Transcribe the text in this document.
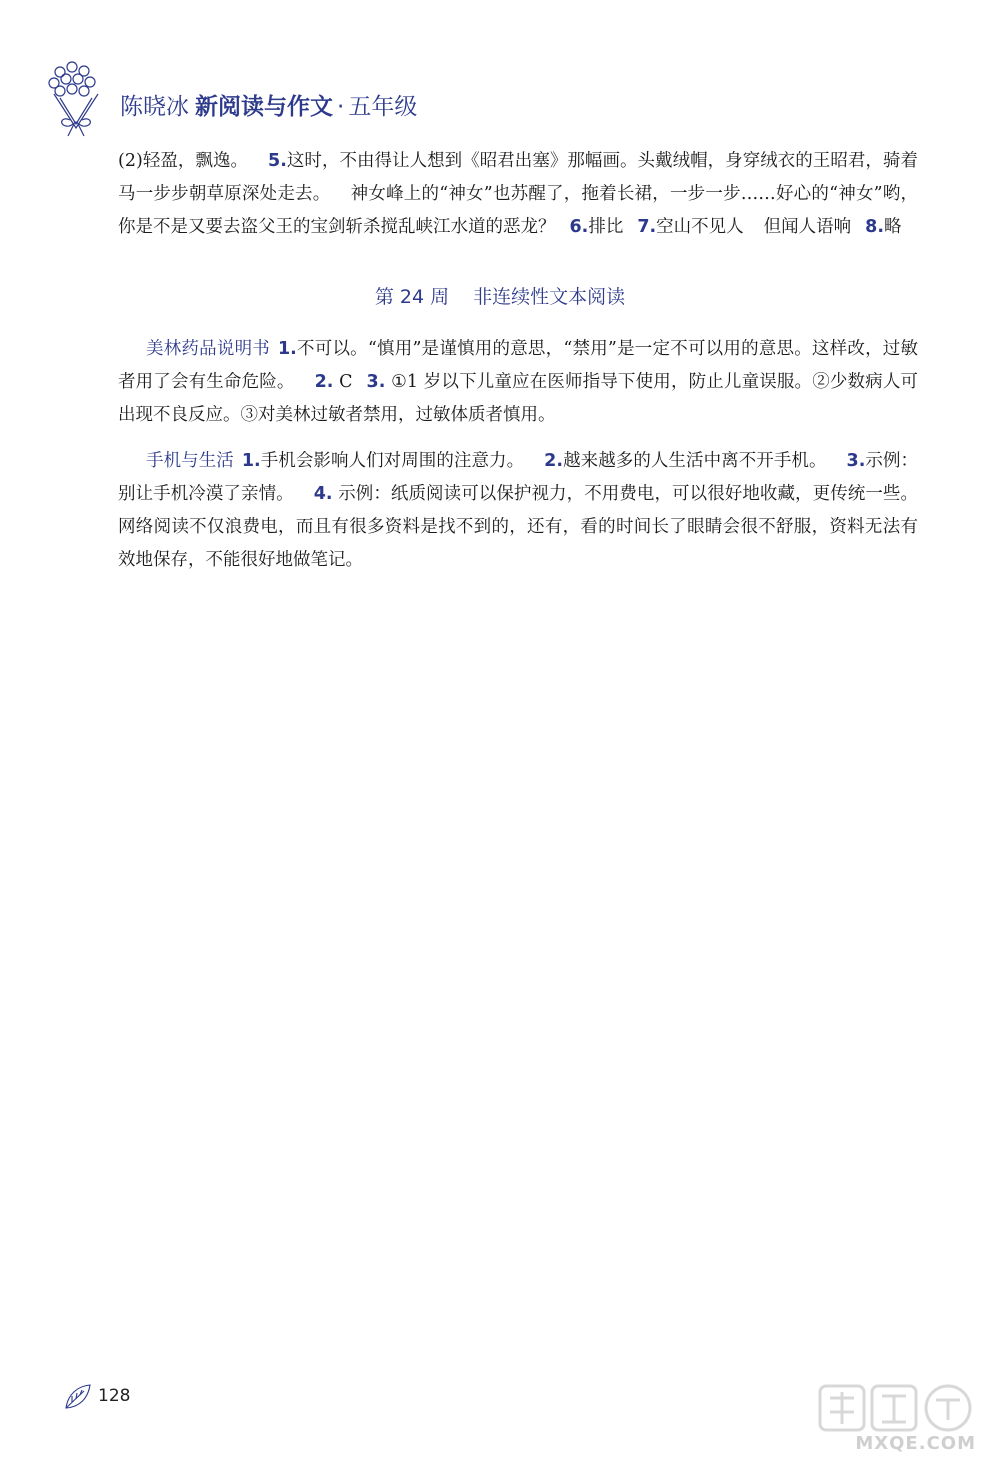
陈晓冰 新阅读与作文 · 五年级

(2)轻盈，飘逸。 5.这时，不由得让人想到《昭君出塞》那幅画。头戴绒帽，身穿绒衣的王昭君，骑着马一步步朝草原深处走去。 神女峰上的“神女”也苏醒了，拖着长裙，一步一步……好心的“神女”哟，你是不是又要去盗父王的宝剑斩杀搅乱峡江水道的恶龙？ 6.排比 7.空山不见人 但闻人语响 8.略

第 24 周 非连续性文本阅读

美林药品说明书 1.不可以。“慎用”是谨慎用的意思，“禁用”是一定不可以用的意思。这样改，过敏者用了会有生命危险。 2. C 3. ①1 岁以下儿童应在医师指导下使用，防止儿童误服。②少数病人可出现不良反应。③对美林过敏者禁用，过敏体质者慎用。

手机与生活 1.手机会影响人们对周围的注意力。 2.越来越多的人生活中离不开手机。 3.示例：别让手机冷漠了亲情。 4. 示例：纸质阅读可以保护视力，不用费电，可以很好地收藏，更传统一些。网络阅读不仅浪费电，而且有很多资料是找不到的，还有，看的时间长了眼睛会很不舒服，资料无法有效地保存，不能很好地做笔记。

128
MXQE.COM
